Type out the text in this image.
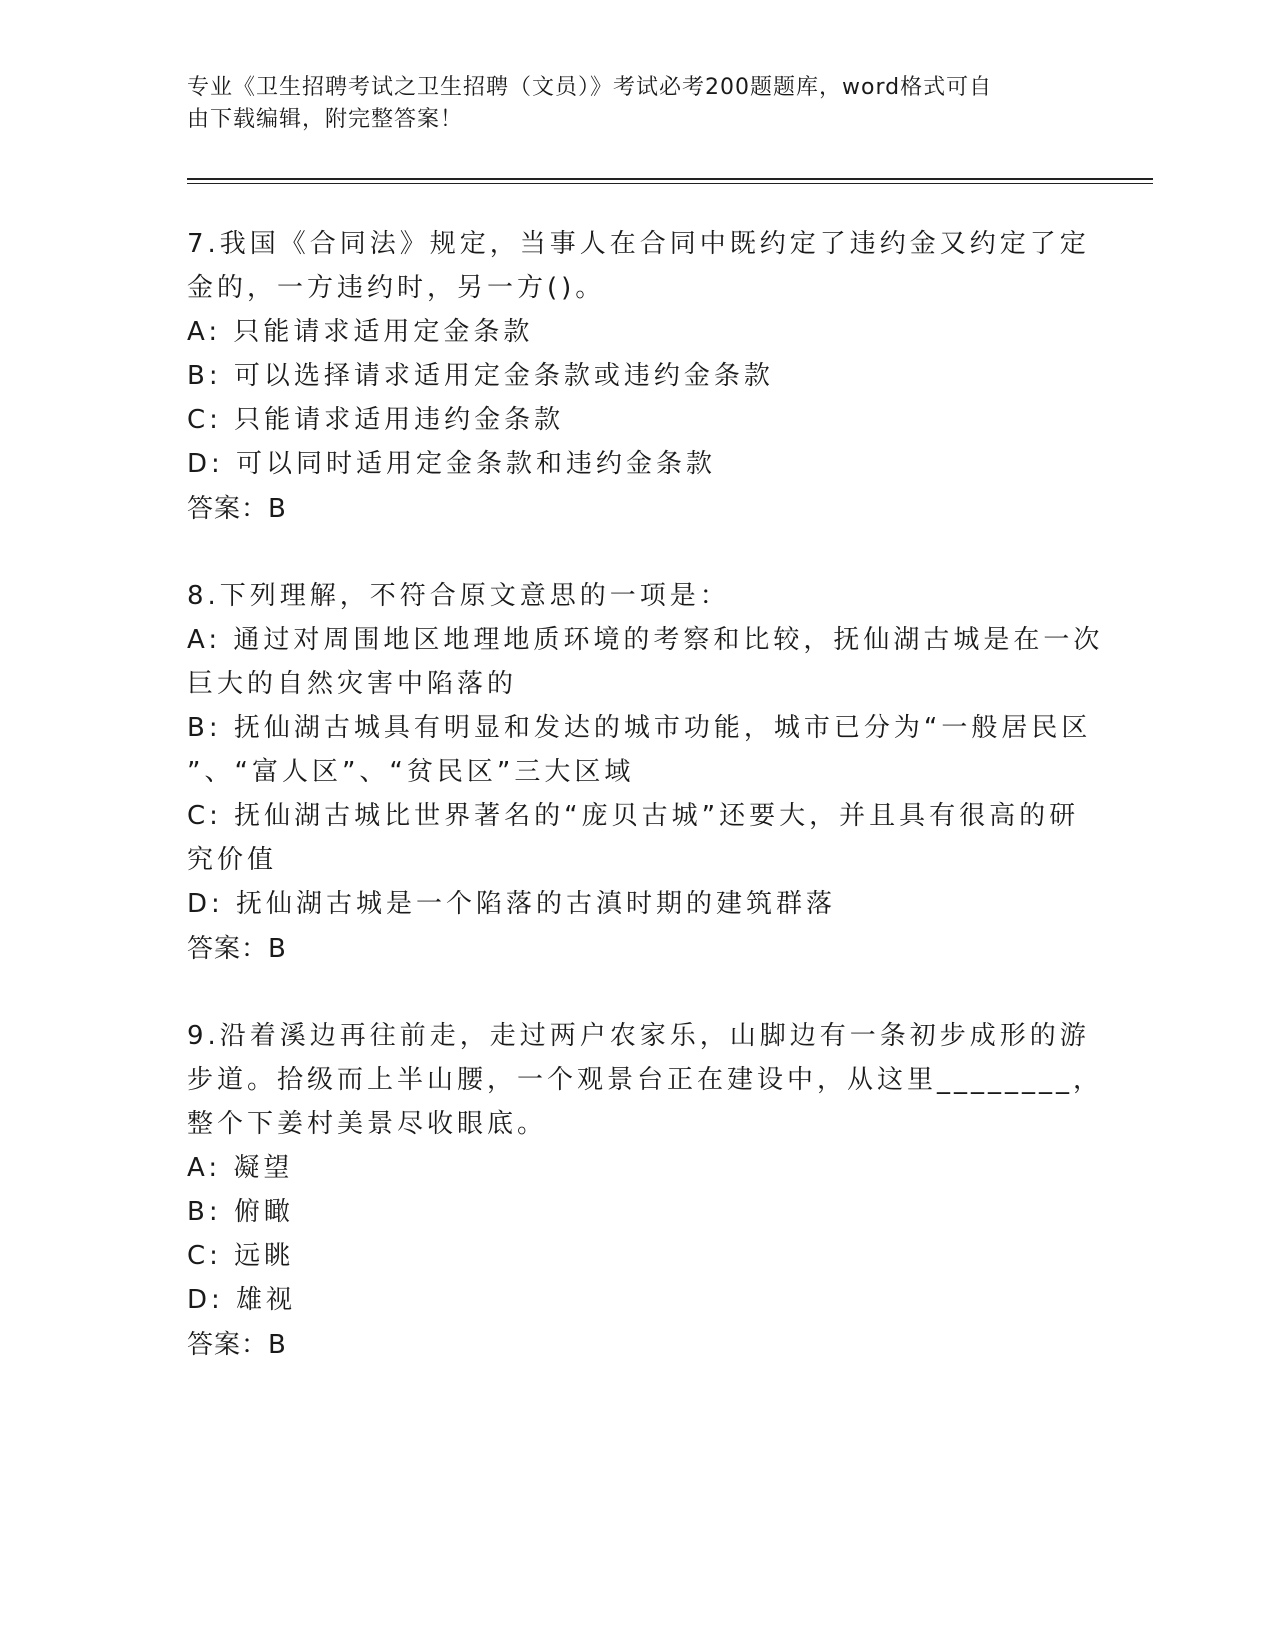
专业《卫生招聘考试之卫生招聘（文员）》考试必考200题题库，word格式可自
由下载编辑，附完整答案！
7.我国《合同法》规定，当事人在合同中既约定了违约金又约定了定
金的，一方违约时，另一方()。
A: 只能请求适用定金条款
B: 可以选择请求适用定金条款或违约金条款
C: 只能请求适用违约金条款
D: 可以同时适用定金条款和违约金条款
答案：B
8.下列理解，不符合原文意思的一项是：
A: 通过对周围地区地理地质环境的考察和比较，抚仙湖古城是在一次
巨大的自然灾害中陷落的
B: 抚仙湖古城具有明显和发达的城市功能，城市已分为“一般居民区
”、“富人区”、“贫民区”三大区域
C: 抚仙湖古城比世界著名的“庞贝古城”还要大，并且具有很高的研
究价值
D: 抚仙湖古城是一个陷落的古滇时期的建筑群落
答案：B
9.沿着溪边再往前走，走过两户农家乐，山脚边有一条初步成形的游
步道。拾级而上半山腰，一个观景台正在建设中，从这里________，
整个下姜村美景尽收眼底。
A: 凝望
B: 俯瞰
C: 远眺
D: 雄视
答案：B
